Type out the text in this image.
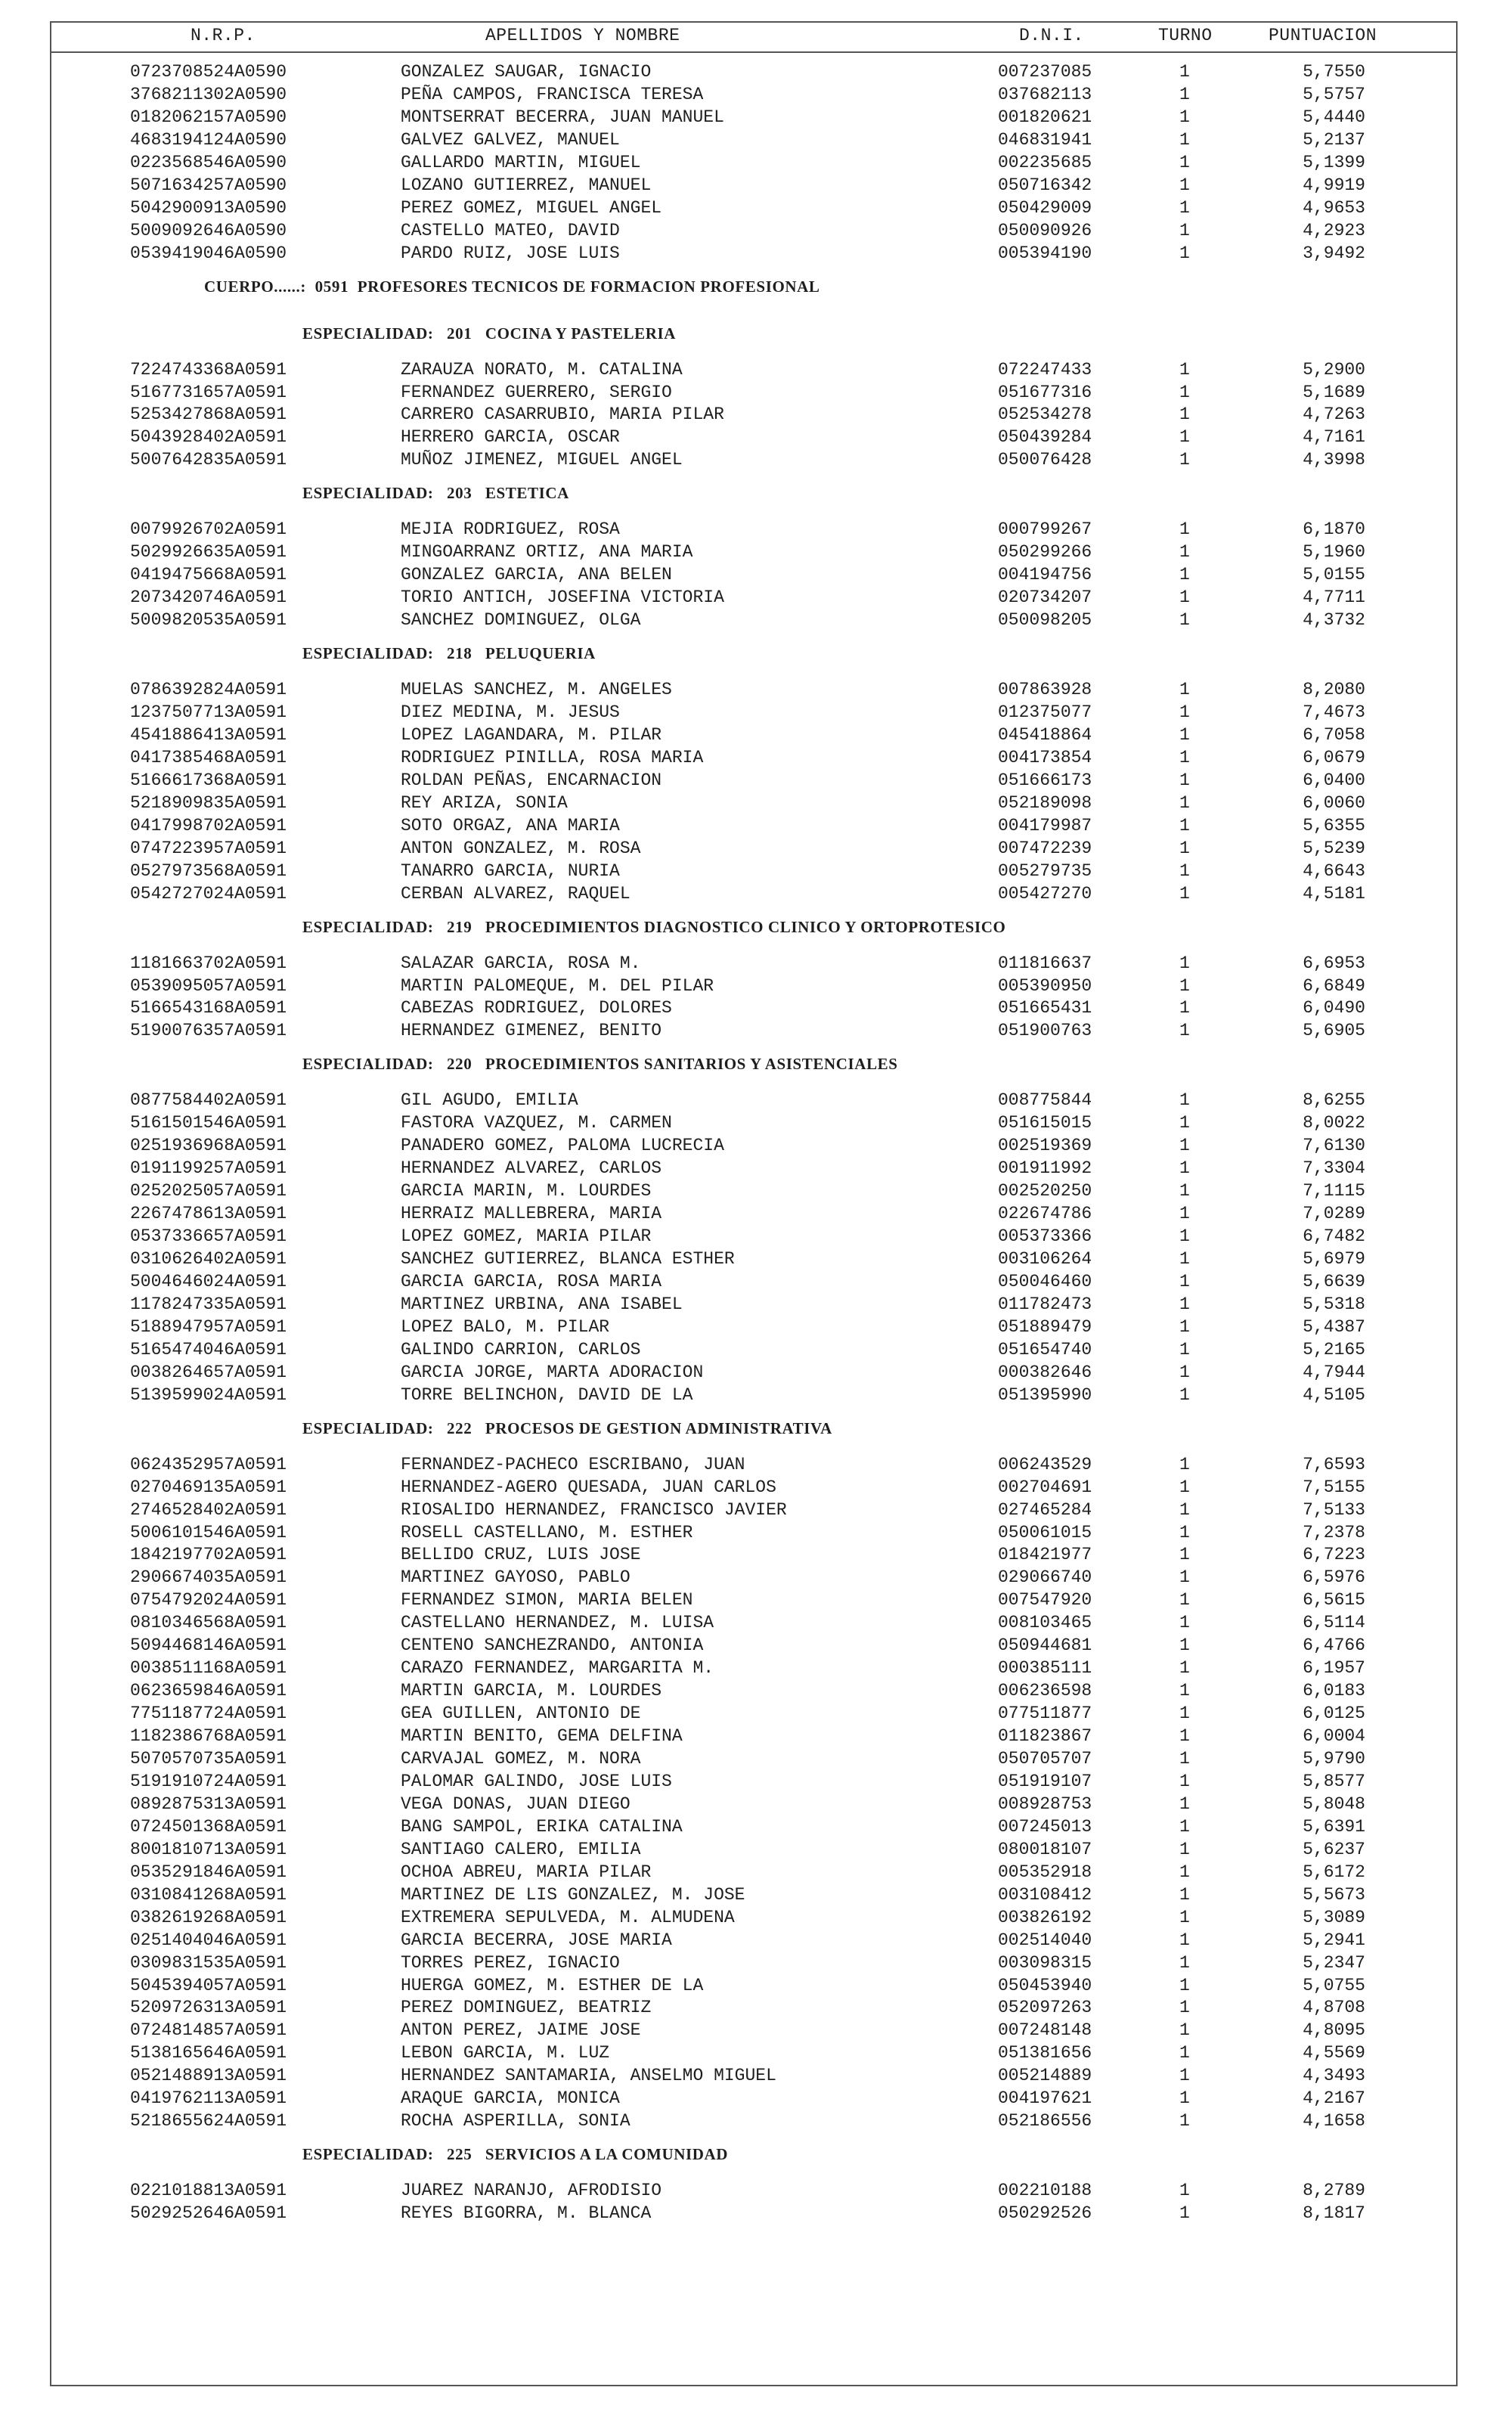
N.R.P.	APELLIDOS Y NOMBRE	D.N.I.	TURNO	PUNTUACION
0723708524A0590	GONZALEZ SAUGAR, IGNACIO	007237085	1	5,7550
3768211302A0590	PEÑA CAMPOS, FRANCISCA TERESA	037682113	1	5,5757
0182062157A0590	MONTSERRAT BECERRA, JUAN MANUEL	001820621	1	5,4440
4683194124A0590	GALVEZ GALVEZ, MANUEL	046831941	1	5,2137
0223568546A0590	GALLARDO MARTIN, MIGUEL	002235685	1	5,1399
5071634257A0590	LOZANO GUTIERREZ, MANUEL	050716342	1	4,9919
5042900913A0590	PEREZ GOMEZ, MIGUEL ANGEL	050429009	1	4,9653
5009092646A0590	CASTELLO MATEO, DAVID	050090926	1	4,2923
0539419046A0590	PARDO RUIZ, JOSE LUIS	005394190	1	3,9492
CUERPO......:  0591  PROFESORES TECNICOS DE FORMACION PROFESIONAL
ESPECIALIDAD:   201   COCINA Y PASTELERIA
7224743368A0591	ZARAUZA NORATO, M. CATALINA	072247433	1	5,2900
5167731657A0591	FERNANDEZ GUERRERO, SERGIO	051677316	1	5,1689
5253427868A0591	CARRERO CASARRUBIO, MARIA PILAR	052534278	1	4,7263
5043928402A0591	HERRERO GARCIA, OSCAR	050439284	1	4,7161
5007642835A0591	MUÑOZ JIMENEZ, MIGUEL ANGEL	050076428	1	4,3998
ESPECIALIDAD:   203   ESTETICA
0079926702A0591	MEJIA RODRIGUEZ, ROSA	000799267	1	6,1870
5029926635A0591	MINGOARRANZ ORTIZ, ANA MARIA	050299266	1	5,1960
0419475668A0591	GONZALEZ GARCIA, ANA BELEN	004194756	1	5,0155
2073420746A0591	TORIO ANTICH, JOSEFINA VICTORIA	020734207	1	4,7711
5009820535A0591	SANCHEZ DOMINGUEZ, OLGA	050098205	1	4,3732
ESPECIALIDAD:   218   PELUQUERIA
0786392824A0591	MUELAS SANCHEZ, M. ANGELES	007863928	1	8,2080
1237507713A0591	DIEZ MEDINA, M. JESUS	012375077	1	7,4673
4541886413A0591	LOPEZ LAGANDARA, M. PILAR	045418864	1	6,7058
0417385468A0591	RODRIGUEZ PINILLA, ROSA MARIA	004173854	1	6,0679
5166617368A0591	ROLDAN PEÑAS, ENCARNACION	051666173	1	6,0400
5218909835A0591	REY ARIZA, SONIA	052189098	1	6,0060
0417998702A0591	SOTO ORGAZ, ANA MARIA	004179987	1	5,6355
0747223957A0591	ANTON GONZALEZ, M. ROSA	007472239	1	5,5239
0527973568A0591	TANARRO GARCIA, NURIA	005279735	1	4,6643
0542727024A0591	CERBAN ALVAREZ, RAQUEL	005427270	1	4,5181
ESPECIALIDAD:   219   PROCEDIMIENTOS DIAGNOSTICO CLINICO Y ORTOPROTESICO
1181663702A0591	SALAZAR GARCIA, ROSA M.	011816637	1	6,6953
0539095057A0591	MARTIN PALOMEQUE, M. DEL PILAR	005390950	1	6,6849
5166543168A0591	CABEZAS RODRIGUEZ, DOLORES	051665431	1	6,0490
5190076357A0591	HERNANDEZ GIMENEZ, BENITO	051900763	1	5,6905
ESPECIALIDAD:   220   PROCEDIMIENTOS SANITARIOS Y ASISTENCIALES
0877584402A0591	GIL AGUDO, EMILIA	008775844	1	8,6255
5161501546A0591	FASTORA VAZQUEZ, M. CARMEN	051615015	1	8,0022
0251936968A0591	PANADERO GOMEZ, PALOMA LUCRECIA	002519369	1	7,6130
0191199257A0591	HERNANDEZ ALVAREZ, CARLOS	001911992	1	7,3304
0252025057A0591	GARCIA MARIN, M. LOURDES	002520250	1	7,1115
2267478613A0591	HERRAIZ MALLEBRERA, MARIA	022674786	1	7,0289
0537336657A0591	LOPEZ GOMEZ, MARIA PILAR	005373366	1	6,7482
0310626402A0591	SANCHEZ GUTIERREZ, BLANCA ESTHER	003106264	1	5,6979
5004646024A0591	GARCIA GARCIA, ROSA MARIA	050046460	1	5,6639
1178247335A0591	MARTINEZ URBINA, ANA ISABEL	011782473	1	5,5318
5188947957A0591	LOPEZ BALO, M. PILAR	051889479	1	5,4387
5165474046A0591	GALINDO CARRION, CARLOS	051654740	1	5,2165
0038264657A0591	GARCIA JORGE, MARTA ADORACION	000382646	1	4,7944
5139599024A0591	TORRE BELINCHON, DAVID DE LA	051395990	1	4,5105
ESPECIALIDAD:   222   PROCESOS DE GESTION ADMINISTRATIVA
0624352957A0591	FERNANDEZ-PACHECO ESCRIBANO, JUAN	006243529	1	7,6593
0270469135A0591	HERNANDEZ-AGERO QUESADA, JUAN CARLOS	002704691	1	7,5155
2746528402A0591	RIOSALIDO HERNANDEZ, FRANCISCO JAVIER	027465284	1	7,5133
5006101546A0591	ROSELL CASTELLANO, M. ESTHER	050061015	1	7,2378
1842197702A0591	BELLIDO CRUZ, LUIS JOSE	018421977	1	6,7223
2906674035A0591	MARTINEZ GAYOSO, PABLO	029066740	1	6,5976
0754792024A0591	FERNANDEZ SIMON, MARIA BELEN	007547920	1	6,5615
0810346568A0591	CASTELLANO HERNANDEZ, M. LUISA	008103465	1	6,5114
5094468146A0591	CENTENO SANCHEZRANDO, ANTONIA	050944681	1	6,4766
0038511168A0591	CARAZO FERNANDEZ, MARGARITA M.	000385111	1	6,1957
0623659846A0591	MARTIN GARCIA, M. LOURDES	006236598	1	6,0183
7751187724A0591	GEA GUILLEN, ANTONIO DE	077511877	1	6,0125
1182386768A0591	MARTIN BENITO, GEMA DELFINA	011823867	1	6,0004
5070570735A0591	CARVAJAL GOMEZ, M. NORA	050705707	1	5,9790
5191910724A0591	PALOMAR GALINDO, JOSE LUIS	051919107	1	5,8577
0892875313A0591	VEGA DONAS, JUAN DIEGO	008928753	1	5,8048
0724501368A0591	BANG SAMPOL, ERIKA CATALINA	007245013	1	5,6391
8001810713A0591	SANTIAGO CALERO, EMILIA	080018107	1	5,6237
0535291846A0591	OCHOA ABREU, MARIA PILAR	005352918	1	5,6172
0310841268A0591	MARTINEZ DE LIS GONZALEZ, M. JOSE	003108412	1	5,5673
0382619268A0591	EXTREMERA SEPULVEDA, M. ALMUDENA	003826192	1	5,3089
0251404046A0591	GARCIA BECERRA, JOSE MARIA	002514040	1	5,2941
0309831535A0591	TORRES PEREZ, IGNACIO	003098315	1	5,2347
5045394057A0591	HUERGA GOMEZ, M. ESTHER DE LA	050453940	1	5,0755
5209726313A0591	PEREZ DOMINGUEZ, BEATRIZ	052097263	1	4,8708
0724814857A0591	ANTON PEREZ, JAIME JOSE	007248148	1	4,8095
5138165646A0591	LEBON GARCIA, M. LUZ	051381656	1	4,5569
0521488913A0591	HERNANDEZ SANTAMARIA, ANSELMO MIGUEL	005214889	1	4,3493
0419762113A0591	ARAQUE GARCIA, MONICA	004197621	1	4,2167
5218655624A0591	ROCHA ASPERILLA, SONIA	052186556	1	4,1658
ESPECIALIDAD:   225   SERVICIOS A LA COMUNIDAD
0221018813A0591	JUAREZ NARANJO, AFRODISIO	002210188	1	8,2789
5029252646A0591	REYES BIGORRA, M. BLANCA	050292526	1	8,1817
